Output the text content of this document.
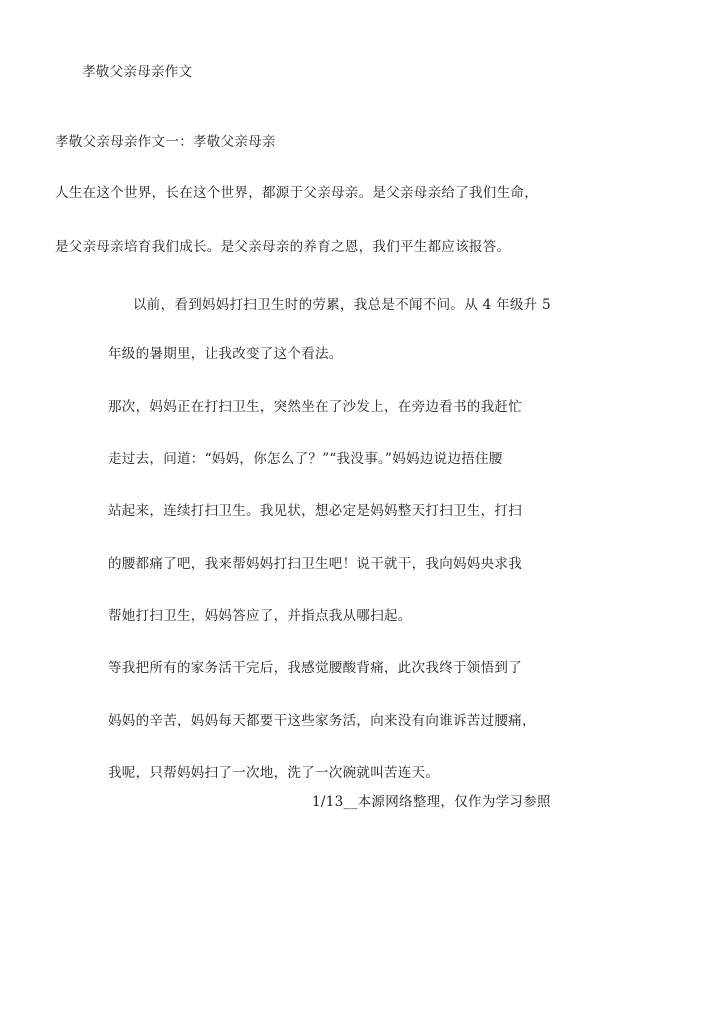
孝敬父亲母亲作文
孝敬父亲母亲作文一：孝敬父亲母亲
人生在这个世界，长在这个世界，都源于父亲母亲。是父亲母亲给了我们生命，
是父亲母亲培育我们成长。是父亲母亲的养育之恩，我们平生都应该报答。
以前，看到妈妈打扫卫生时的劳累，我总是不闻不问。从 4 年级升 5
年级的暑期里，让我改变了这个看法。
那次，妈妈正在打扫卫生，突然坐在了沙发上，在旁边看书的我赶忙
走过去，问道：“妈妈，你怎么了？”“我没事。”妈妈边说边捂住腰
站起来，连续打扫卫生。我见状，想必定是妈妈整天打扫卫生，打扫
的腰都痛了吧，我来帮妈妈打扫卫生吧！说干就干，我向妈妈央求我
帮她打扫卫生，妈妈答应了，并指点我从哪扫起。
等我把所有的家务活干完后，我感觉腰酸背痛，此次我终于领悟到了
妈妈的辛苦，妈妈每天都要干这些家务活，向来没有向谁诉苦过腰痛，
我呢，只帮妈妈扫了一次地，洗了一次碗就叫苦连天。
1/13__本源网络整理，仅作为学习参照
